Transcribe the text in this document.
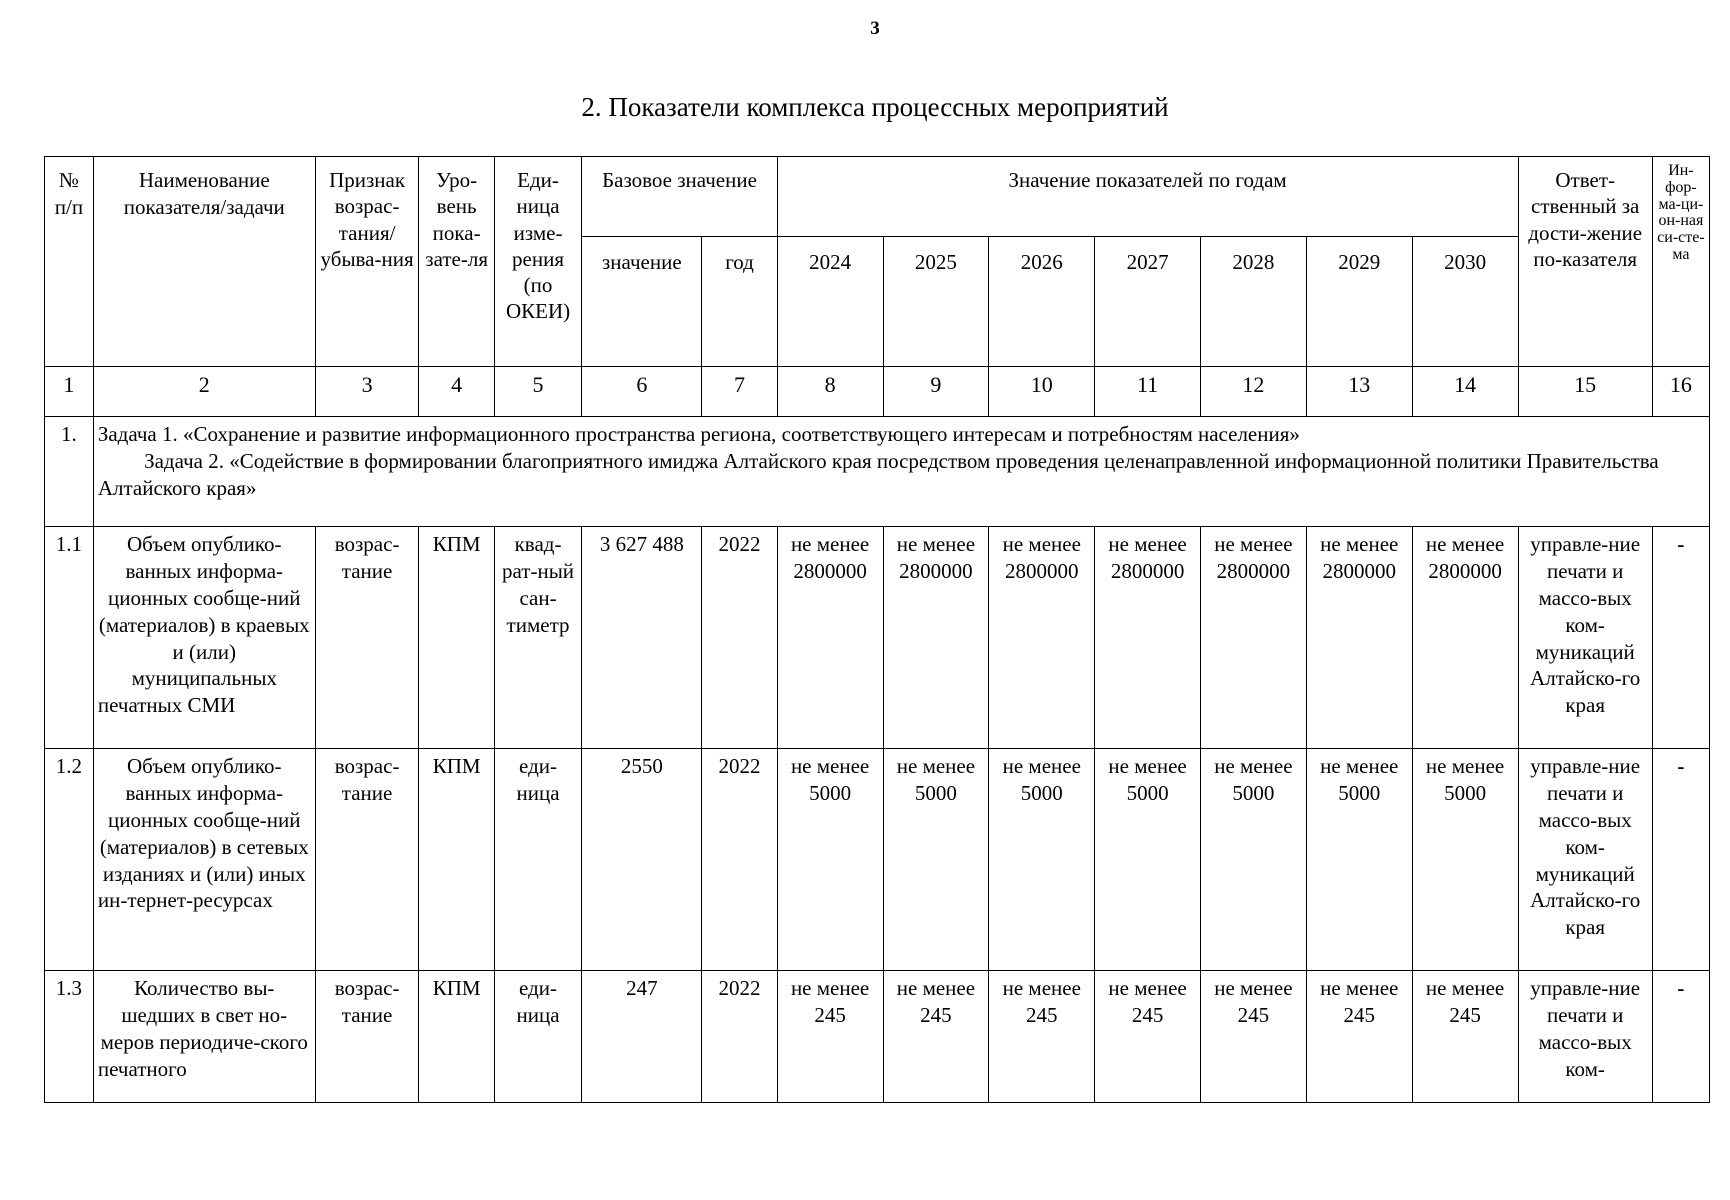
3
2. Показатели комплекса процессных мероприятий
№ п/п	Наименование показателя/задачи	Признак возрас-тания/ убыва-ния	Уро-вень пока-зате-ля	Еди-ница изме-рения (по ОКЕИ)	Базовое значение		Значение показателей по годам							Ответ-ственный за дости-жение по-казателя	Ин-фор-ма-ци-он-ная си-сте-ма
					значение	год	2024	2025	2026	2027	2028	2029	2030		
1	2	3	4	5	6	7	8	9	10	11	12	13	14	15	16
1.	Задача 1. «Сохранение и развитие информационного пространства региона, соответствующего интересам и потребностям населения»
Задача 2. «Содействие в формировании благоприятного имиджа Алтайского края посредством проведения целенаправленной информационной политики Правительства Алтайского края»														

1.1	Объем опублико-ванных информа-ционных сообще-ний (материалов) в краевых и (или) муниципальных печатных СМИ	возрас-тание	КПМ	квад-рат-ный сан-тиметр	3 627 488	2022	не менее 2800000	не менее 2800000	не менее 2800000	не менее 2800000	не менее 2800000	не менее 2800000	не менее 2800000	управле-ние печати и массо-вых ком-муникаций Алтайско-го края	-
1.2	Объем опублико-ванных информа-ционных сообще-ний (материалов) в сетевых изданиях и (или) иных ин-тернет-ресурсах	возрас-тание	КПМ	еди-ница	2550	2022	не менее 5000	не менее 5000	не менее 5000	не менее 5000	не менее 5000	не менее 5000	не менее 5000	управле-ние печати и массо-вых ком-муникаций Алтайско-го края	-
1.3	Количество вы-шедших в свет но-меров периодиче-ского печатного	возрас-тание	КПМ	еди-ница	247	2022	не менее 245	не менее 245	не менее 245	не менее 245	не менее 245	не менее 245	не менее 245	управле-ние печати и массо-вых ком-	-
